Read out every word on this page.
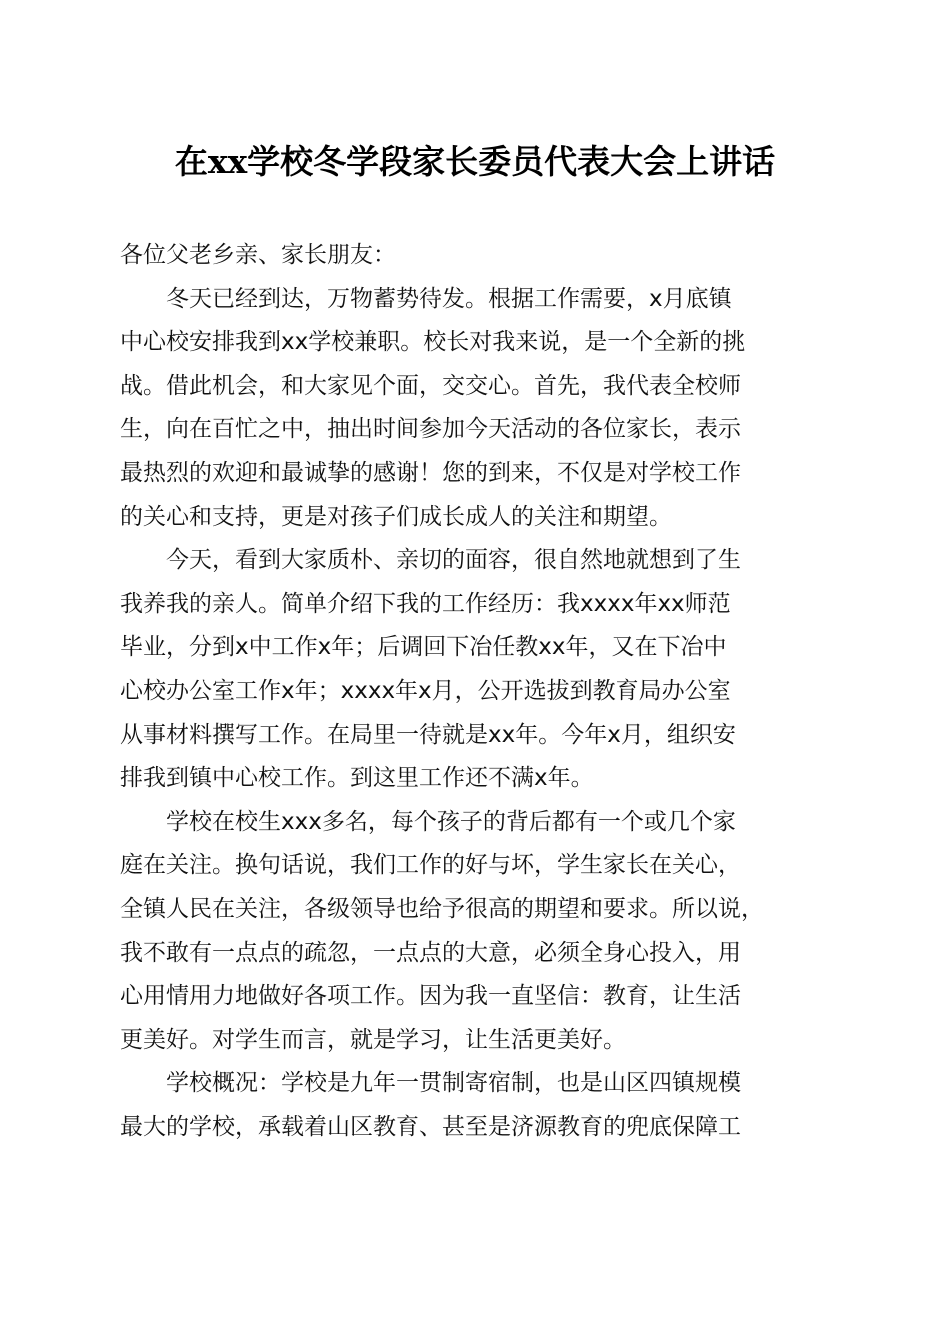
在xx学校冬学段家长委员代表大会上讲话
各位父老乡亲、家长朋友：
冬天已经到达，万物蓄势待发。根据工作需要，x月底镇
中心校安排我到xx学校兼职。校长对我来说，是一个全新的挑
战。借此机会，和大家见个面，交交心。首先，我代表全校师
生，向在百忙之中，抽出时间参加今天活动的各位家长，表示
最热烈的欢迎和最诚挚的感谢！您的到来，不仅是对学校工作
的关心和支持，更是对孩子们成长成人的关注和期望。
今天，看到大家质朴、亲切的面容，很自然地就想到了生
我养我的亲人。简单介绍下我的工作经历：我xxxx年xx师范
毕业，分到x中工作x年；后调回下冶任教xx年，又在下冶中
心校办公室工作x年；xxxx年x月，公开选拔到教育局办公室
从事材料撰写工作。在局里一待就是xx年。今年x月，组织安
排我到镇中心校工作。到这里工作还不满x年。
学校在校生xxx多名，每个孩子的背后都有一个或几个家
庭在关注。换句话说，我们工作的好与坏，学生家长在关心，
全镇人民在关注，各级领导也给予很高的期望和要求。所以说，
我不敢有一点点的疏忽，一点点的大意，必须全身心投入，用
心用情用力地做好各项工作。因为我一直坚信：教育，让生活
更美好。对学生而言，就是学习，让生活更美好。
学校概况：学校是九年一贯制寄宿制，也是山区四镇规模
最大的学校，承载着山区教育、甚至是济源教育的兜底保障工
